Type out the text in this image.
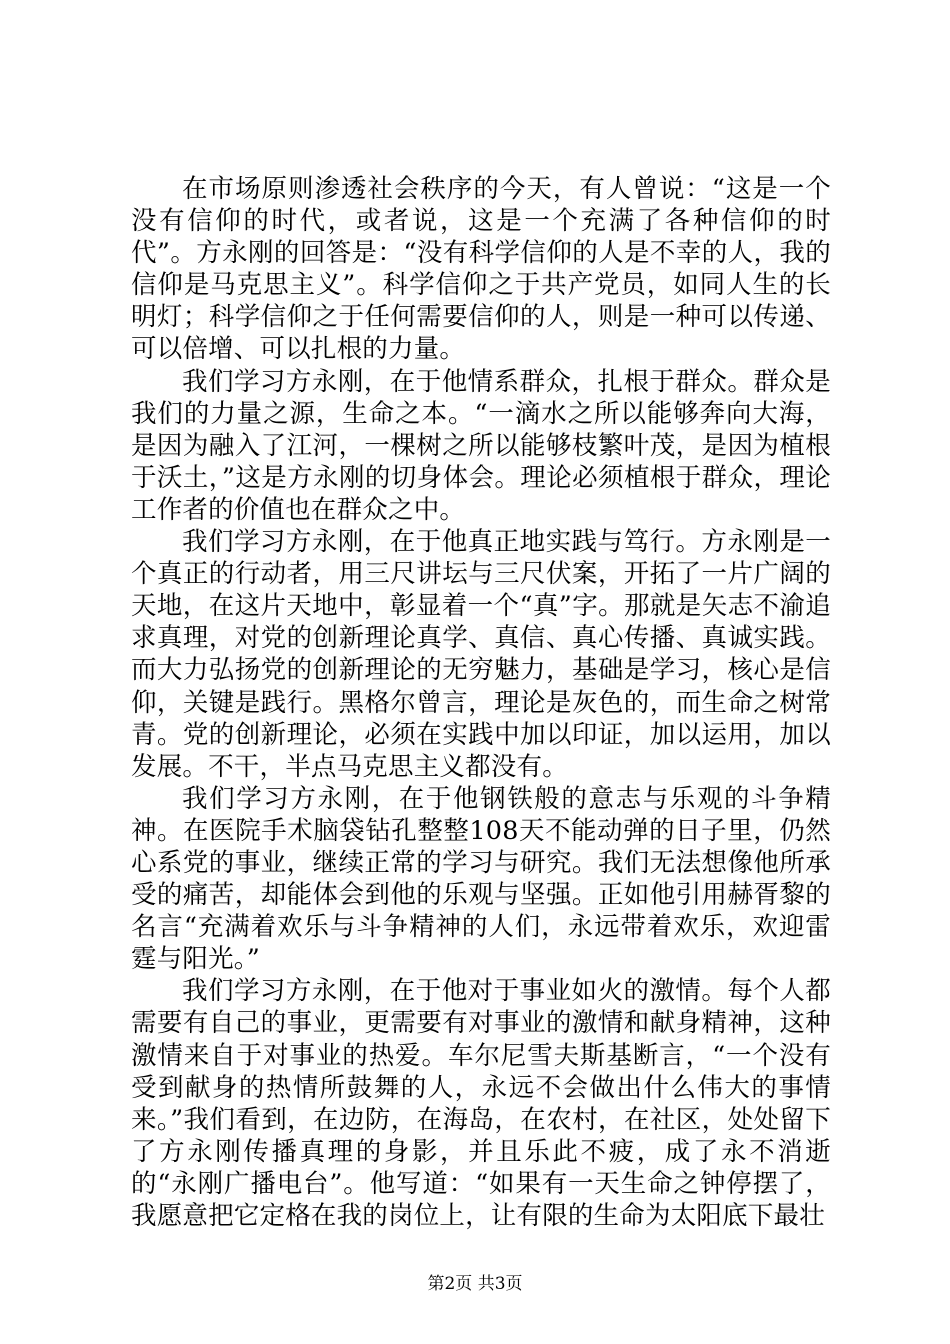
在市场原则渗透社会秩序的今天，有人曾说：“这是一个没有信仰的时代，或者说，这是一个充满了各种信仰的时代”。方永刚的回答是：“没有科学信仰的人是不幸的人，我的信仰是马克思主义”。科学信仰之于共产党员，如同人生的长明灯；科学信仰之于任何需要信仰的人，则是一种可以传递、可以倍增、可以扎根的力量。

我们学习方永刚，在于他情系群众，扎根于群众。群众是我们的力量之源，生命之本。“一滴水之所以能够奔向大海，是因为融入了江河，一棵树之所以能够枝繁叶茂，是因为植根于沃土，”这是方永刚的切身体会。理论必须植根于群众，理论工作者的价值也在群众之中。

我们学习方永刚，在于他真正地实践与笃行。方永刚是一个真正的行动者，用三尺讲坛与三尺伏案，开拓了一片广阔的天地，在这片天地中，彰显着一个“真”字。那就是矢志不渝追求真理，对党的创新理论真学、真信、真心传播、真诚实践。而大力弘扬党的创新理论的无穷魅力，基础是学习，核心是信仰，关键是践行。黑格尔曾言，理论是灰色的，而生命之树常青。党的创新理论，必须在实践中加以印证，加以运用，加以发展。不干，半点马克思主义都没有。

我们学习方永刚，在于他钢铁般的意志与乐观的斗争精神。在医院手术脑袋钻孔整整108天不能动弹的日子里，仍然心系党的事业，继续正常的学习与研究。我们无法想像他所承受的痛苦，却能体会到他的乐观与坚强。正如他引用赫胥黎的名言“充满着欢乐与斗争精神的人们，永远带着欢乐，欢迎雷霆与阳光。”

我们学习方永刚，在于他对于事业如火的激情。每个人都需要有自己的事业，更需要有对事业的激情和献身精神，这种激情来自于对事业的热爱。车尔尼雪夫斯基断言，“一个没有受到献身的热情所鼓舞的人，永远不会做出什么伟大的事情来。”我们看到，在边防，在海岛，在农村，在社区，处处留下了方永刚传播真理的身影，并且乐此不疲，成了永不消逝的“永刚广播电台”。他写道：“如果有一天生命之钟停摆了，我愿意把它定格在我的岗位上，让有限的生命为太阳底下最壮

第2页 共3页
